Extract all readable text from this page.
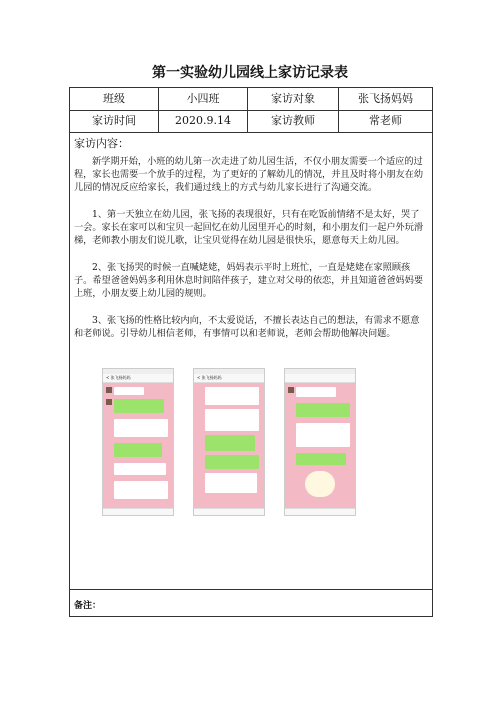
第一实验幼儿园线上家访记录表
班级	小四班	家访对象	张飞扬妈妈
家访时间	2020.9.14	家访教师	常老师
家访内容：

新学期开始，小班的幼儿第一次走进了幼儿园生活，不仅小朋友需要一个适应的过程，家长也需要一个放手的过程，为了更好的了解幼儿的情况，并且及时将小朋友在幼儿园的情况反应给家长，我们通过线上的方式与幼儿家长进行了沟通交流。

1、第一天独立在幼儿园，张飞扬的表现很好，只有在吃饭前情绪不是太好，哭了一会。家长在家可以和宝贝一起回忆在幼儿园里开心的时刻，和小朋友们一起户外玩滑梯，老师教小朋友们说儿歌，让宝贝觉得在幼儿园是很快乐，愿意每天上幼儿园。

2、张飞扬哭的时候一直喊姥姥，妈妈表示平时上班忙，一直是姥姥在家照顾孩子。希望爸爸妈妈多利用休息时间陪伴孩子，建立对父母的依恋，并且知道爸爸妈妈要上班，小朋友要上幼儿园的规则。

3、张飞扬的性格比较内向，不太爱说话，不擅长表达自己的想法，有需求不愿意和老师说。引导幼儿相信老师，有事情可以和老师说，老师会帮助他解决问题。

< 张飞扬妈妈	< 张飞扬妈妈
备注：
